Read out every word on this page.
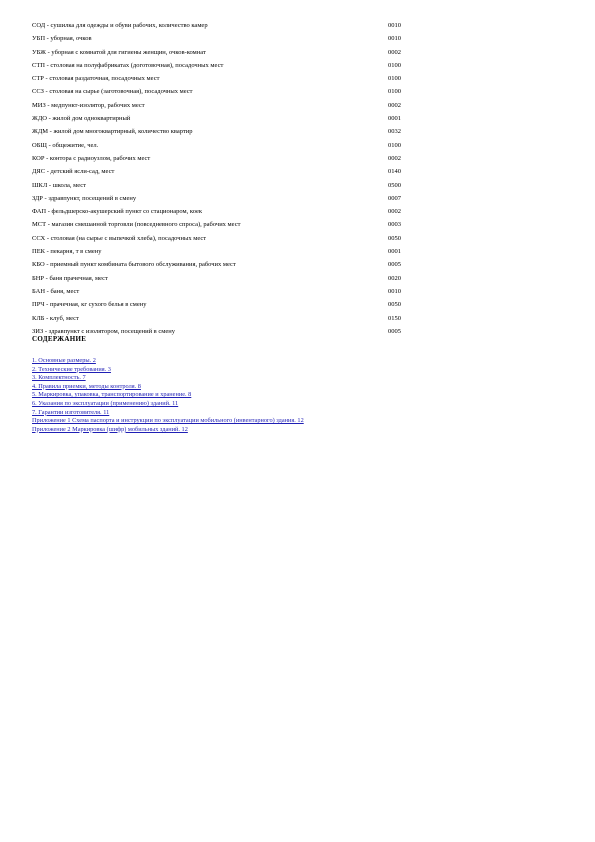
СОД - сушилка для одежды и обуви рабочих, количество камер	0010
УБП - уборная, очков	0010
УБЖ - уборная с комнатой для гигиены женщин, очков-комнат	0002
СТП - столовая на полуфабрикатах (доготовочная), посадочных мест	0100
СТР - столовая раздаточная, посадочных мест	0100
ССЗ - столовая на сырье (заготовочная), посадочных мест	0100
МИЗ - медпункт-изолятор, рабочих мест	0002
ЖДО - жилой дом одноквартирный	0001
ЖДМ - жилой дом многоквартирный, количество квартир	0032
ОБЩ - общежитие, чел.	0100
КОР - контора с радиоузлом, рабочих мест	0002
ДЯС - детский ясли-сад, мест	0140
ШКЛ - школа, мест	0500
ЗДР - здравпункт, посещений в смену	0007
ФАП - фельдшерско-акушерский пункт со стационаром, коек	0002
МСТ - магазин смешанной торговли (повседневного спроса), рабочих мест	0003
ССХ - столовая (на сырье с выпечкой хлеба), посадочных мест	0050
ПЕК - пекарня, т в смену	0001
КБО - приемный пункт комбината бытового обслуживания, рабочих мест	0005
БНР - баня прачечная, мест	0020
БАН - баня, мест	0010
ПРЧ - прачечная, кг сухого белья в смену	0050
КЛБ - клуб, мест	0150
ЗИЗ - здравпункт с изолятором, посещений в смену	0005
СОДЕРЖАНИЕ
1. Основные размеры. 2
2. Технические требования. 3
3. Комплектность. 7
4. Правила приемки, методы контроля. 8
5. Маркировка, упаковка, транспортирование и хранение. 8
6. Указания по эксплуатации (применению) зданий. 11
7. Гарантии изготовителя. 11
Приложение 1 Схема паспорта и инструкции по эксплуатации мобильного (инвентарного) здания. 12
Приложение 2 Маркировка (шифр) мобильных зданий. 12
